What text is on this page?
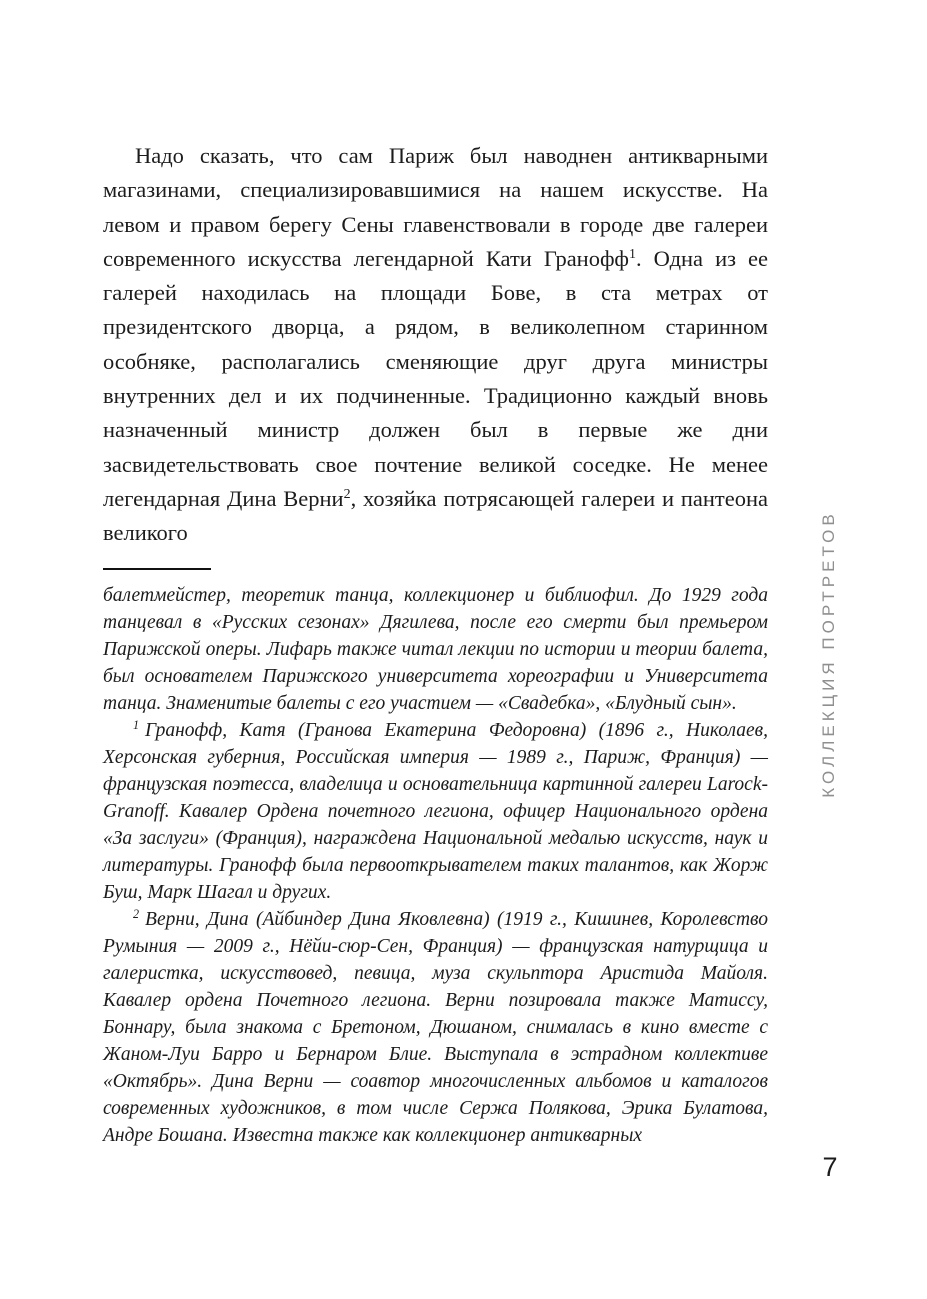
Надо сказать, что сам Париж был наводнен антикварными магазинами, специализировавшимися на нашем искусстве. На левом и правом берегу Сены главенствовали в городе две галереи современного искусства легендарной Кати Гранофф$^1$. Одна из ее галерей находилась на площади Бове, в ста метрах от президентского дворца, а рядом, в великолепном старинном особняке, располагались сменяющие друг друга министры внутренних дел и их подчиненные. Традиционно каждый вновь назначенный министр должен был в первые же дни засвидетельствовать свое почтение великой соседке. Не менее легендарная Дина Верни$^2$, хозяйка потрясающей галереи и пантеона великого

балетмейстер, теоретик танца, коллекционер и библиофил. До 1929 года танцевал в «Русских сезонах» Дягилева, после его смерти был премьером Парижской оперы. Лифарь также читал лекции по истории и теории балета, был основателем Парижского университета хореографии и Университета танца. Знаменитые балеты с его участием — «Свадебка», «Блудный сын».

$^1$ Гранофф, Катя (Гранова Екатерина Федоровна) (1896 г., Николаев, Херсонская губерния, Российская империя — 1989 г., Париж, Франция) — французская поэтесса, владелица и основательница картинной галереи Larock-Granoff. Кавалер Ордена почетного легиона, офицер Национального ордена «За заслуги» (Франция), награждена Национальной медалью искусств, наук и литературы. Гранофф была первооткрывателем таких талантов, как Жорж Буш, Марк Шагал и других.

$^2$ Верни, Дина (Айбиндер Дина Яковлевна) (1919 г., Кишинев, Королевство Румыния — 2009 г., Нёйи-сюр-Сен, Франция) — французская натурщица и галеристка, искусствовед, певица, муза скульптора Аристида Майоля. Кавалер ордена Почетного легиона. Верни позировала также Матиссу, Боннару, была знакома с Бретоном, Дюшаном, снималась в кино вместе с Жаном-Луи Барро и Бернаром Блие. Выступала в эстрадном коллективе «Октябрь». Дина Верни — соавтор многочисленных альбомов и каталогов современных художников, в том числе Сержа Полякова, Эрика Булатова, Андре Бошана. Известна также как коллекционер антикварных

КОЛЛЕКЦИЯ ПОРТРЕТОВ
7
